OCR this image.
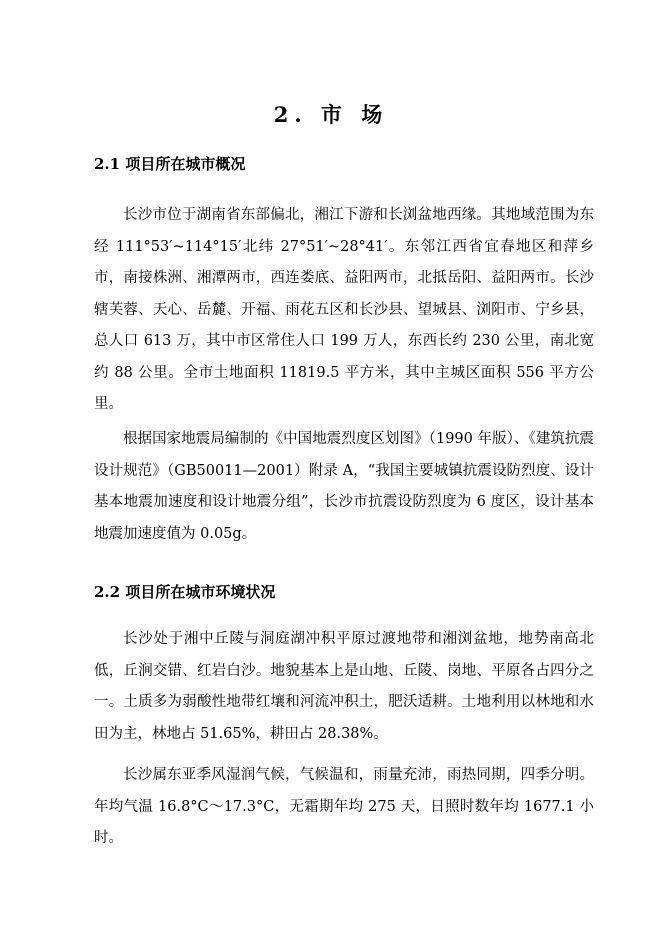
2. 市 场
2.1 项目所在城市概况

长沙市位于湖南省东部偏北，湘江下游和长浏盆地西缘。其地域范围为东经 111°53′~114°15′北纬 27°51′~28°41′。东邻江西省宜春地区和萍乡市，南接株洲、湘潭两市，西连娄底、益阳两市，北抵岳阳、益阳两市。长沙辖芙蓉、天心、岳麓、开福、雨花五区和长沙县、望城县、浏阳市、宁乡县，总人口 613 万，其中市区常住人口 199 万人，东西长约 230 公里，南北宽约 88 公里。全市土地面积 11819.5 平方米，其中主城区面积 556 平方公里。

根据国家地震局编制的《中国地震烈度区划图》（1990 年版）、《建筑抗震设计规范》（GB50011—2001）附录 A，“我国主要城镇抗震设防烈度、设计基本地震加速度和设计地震分组”，长沙市抗震设防烈度为 6 度区，设计基本地震加速度值为 0.05g。

2.2 项目所在城市环境状况

长沙处于湘中丘陵与洞庭湖冲积平原过渡地带和湘浏盆地，地势南高北低，丘涧交错、红岩白沙。地貌基本上是山地、丘陵、岗地、平原各占四分之一。土质多为弱酸性地带红壤和河流冲积土，肥沃适耕。土地利用以林地和水田为主，林地占 51.65%，耕田占 28.38%。

长沙属东亚季风湿润气候，气候温和，雨量充沛，雨热同期，四季分明。年均气温 16.8°C～17.3°C，无霜期年均 275 天，日照时数年均 1677.1 小时。
